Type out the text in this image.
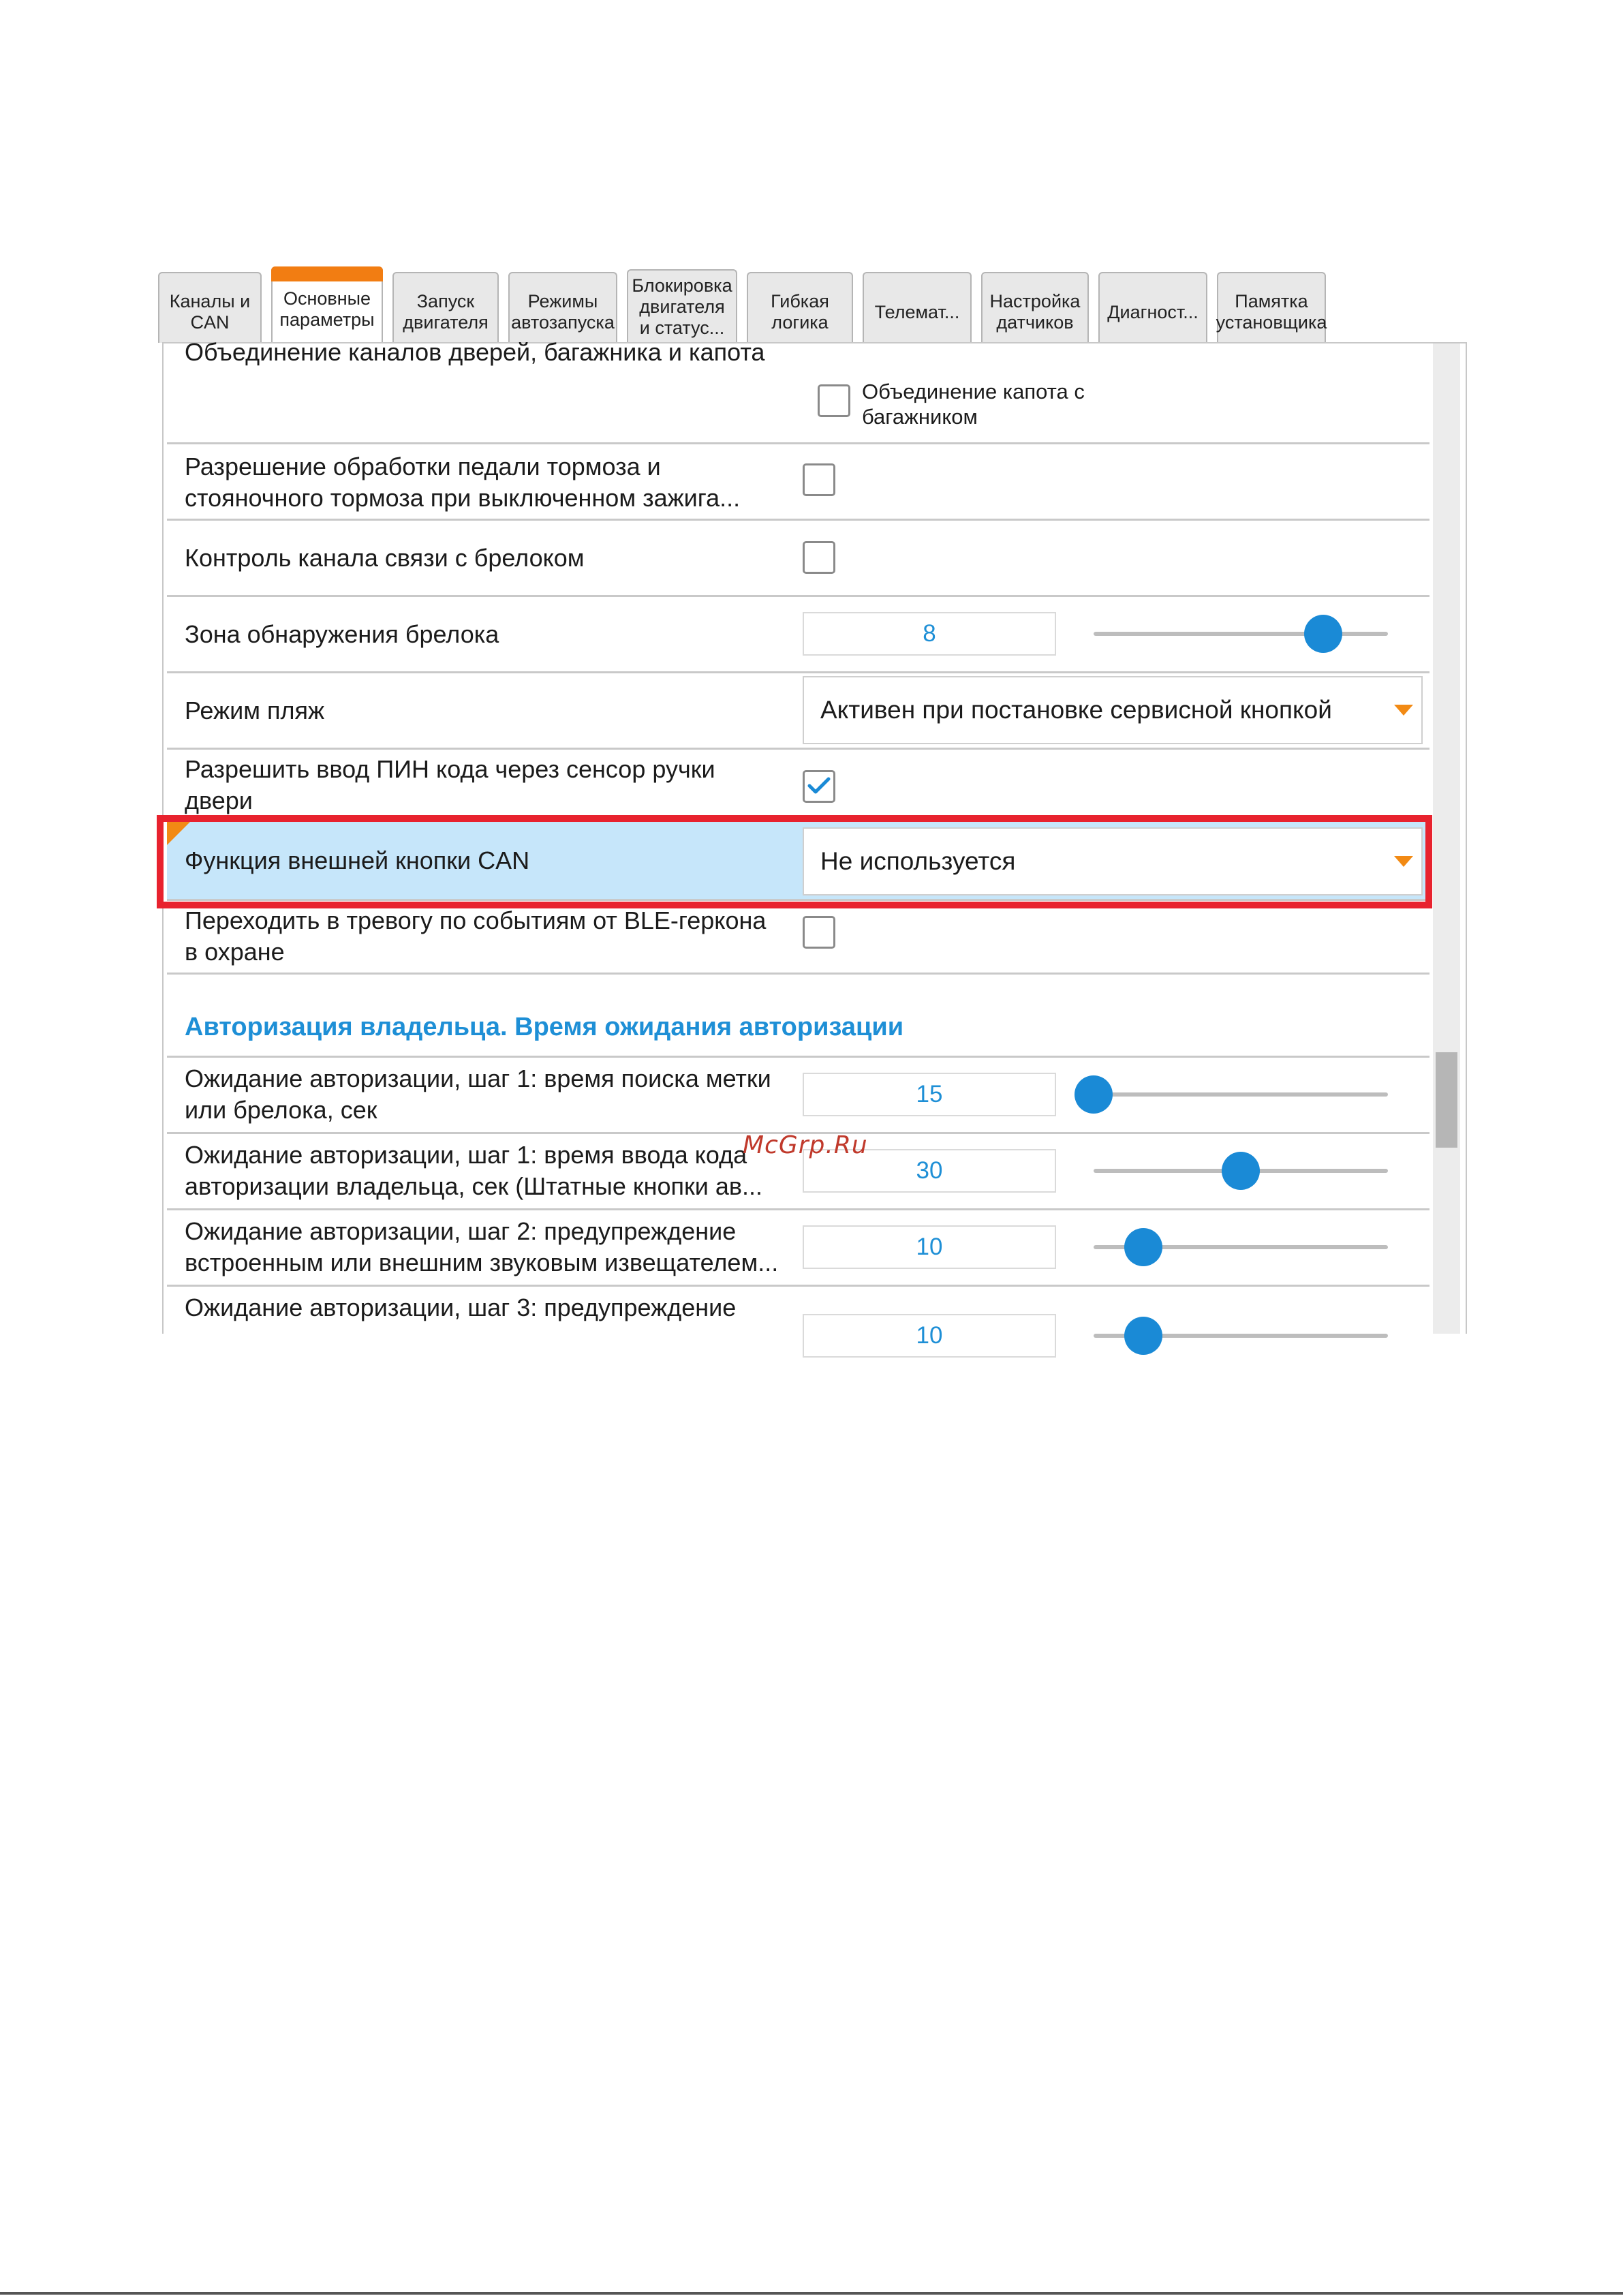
Каналы и
CAN
Основные
параметры
Запуск
двигателя
Режимы
автозапуска
Блокировка
двигателя
и статус...
Гибкая
логика
Телемат...
Настройка
датчиков
Диагност...
Памятка
установщика
Объединение каналов дверей, багажника и капота
Объединение капота с
багажником
Разрешение обработки педали тормоза и
стояночного тормоза при выключенном зажига...
Контроль канала связи с брелоком
Зона обнаружения брелока	8
Режим пляж	Активен при постановке сервисной кнопкой
Разрешить ввод ПИН кода через сенсор ручки
двери
Функция внешней кнопки CAN	Не используется
Переходить в тревогу по событиям от BLE-геркона
в охране
Авторизация владельца. Время ожидания авторизации
Ожидание авторизации, шаг 1: время поиска метки
или брелока, сек
15
Ожидание авторизации, шаг 1: время ввода кода
авторизации владельца, сек (Штатные кнопки ав...
30
Ожидание авторизации, шаг 2: предупреждение
встроенным или внешним звуковым извещателем...
10
Ожидание авторизации, шаг 3: предупреждение
10
McGrp.Ru
